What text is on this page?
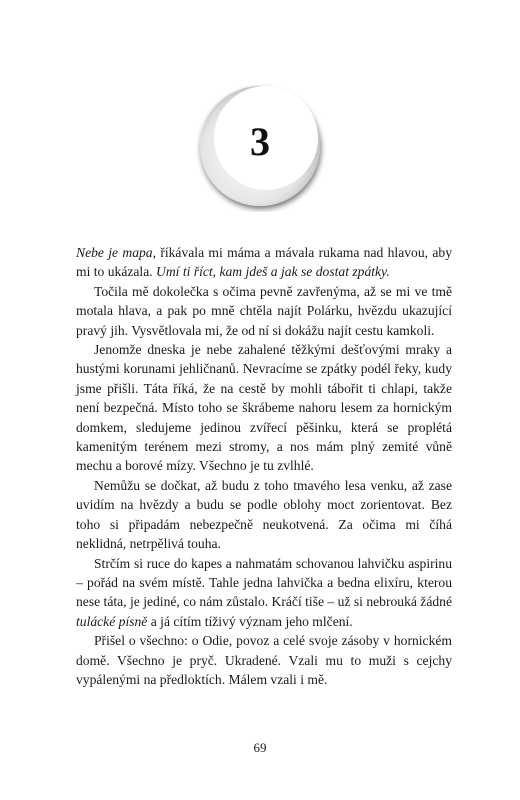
3

Nebe je mapa, říkávala mi máma a mávala rukama nad hlavou, aby mi to ukázala. Umí ti říct, kam jdeš a jak se dostat zpátky.

Točila mě dokolečka s očima pevně zavřenýma, až se mi ve tmě motala hlava, a pak po mně chtěla najít Polárku, hvězdu ukazující pravý jih. Vysvětlovala mi, že od ní si dokážu najít cestu kamkoli.

Jenomže dneska je nebe zahalené těžkými dešťovými mraky a hustými korunami jehličnanů. Nevracíme se zpátky podél řeky, kudy jsme přišli. Táta říká, že na cestě by mohli tábořit ti chlapi, takže není bezpečná. Místo toho se škrábeme nahoru lesem za hornickým domkem, sledujeme jedinou zvířecí pěšinku, která se proplétá kamenitým terénem mezi stromy, a nos mám plný zemité vůně mechu a borové mízy. Všechno je tu zvlhlé.

Nemůžu se dočkat, až budu z toho tmavého lesa venku, až zase uvidím na hvězdy a budu se podle oblohy moct zorientovat. Bez toho si připadám nebezpečně neukotvená. Za očima mi číhá neklidná, netrpělivá touha.

Strčím si ruce do kapes a nahmatám schovanou lahvičku aspirinu – pořád na svém místě. Tahle jedna lahvička a bedna elixíru, kterou nese táta, je jediné, co nám zůstalo. Kráčí tiše – už si nebrouká žádné tulácké písně a já cítím tíživý význam jeho mlčení.

Přišel o všechno: o Odie, povoz a celé svoje zásoby v hornickém domě. Všechno je pryč. Ukradené. Vzali mu to muži s cejchy vypálenými na předloktích. Málem vzali i mě.

69
